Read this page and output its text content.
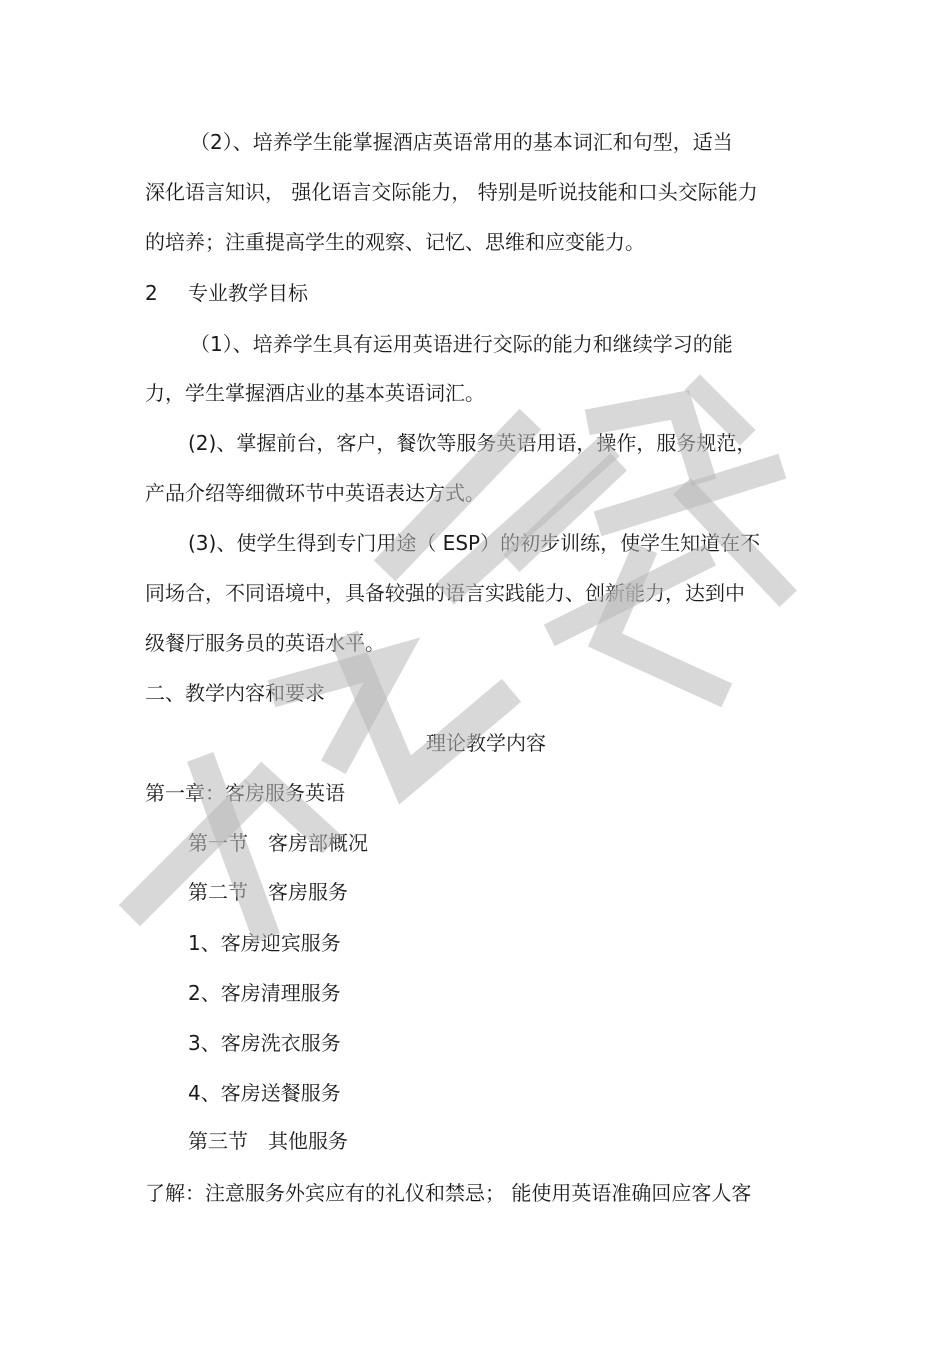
（2）、培养学生能掌握酒店英语常用的基本词汇和句型，适当
深化语言知识， 强化语言交际能力， 特别是听说技能和口头交际能力
的培养；注重提高学生的观察、记忆、思维和应变能力。
2 专业教学目标
（1）、培养学生具有运用英语进行交际的能力和继续学习的能
力，学生掌握酒店业的基本英语词汇。
(2)、掌握前台，客户，餐饮等服务英语用语，操作，服务规范，
产品介绍等细微环节中英语表达方式。
(3)、使学生得到专门用途（ ESP）的初步训练，使学生知道在不
同场合，不同语境中，具备较强的语言实践能力、创新能力，达到中
级餐厅服务员的英语水平。
二、教学内容和要求
理论教学内容
第一章：客房服务英语
第一节 客房部概况
第二节 客房服务
1、客房迎宾服务
2、客房清理服务
3、客房洗衣服务
4、客房送餐服务
第三节 其他服务
了解：注意服务外宾应有的礼仪和禁忌； 能使用英语准确回应客人客
